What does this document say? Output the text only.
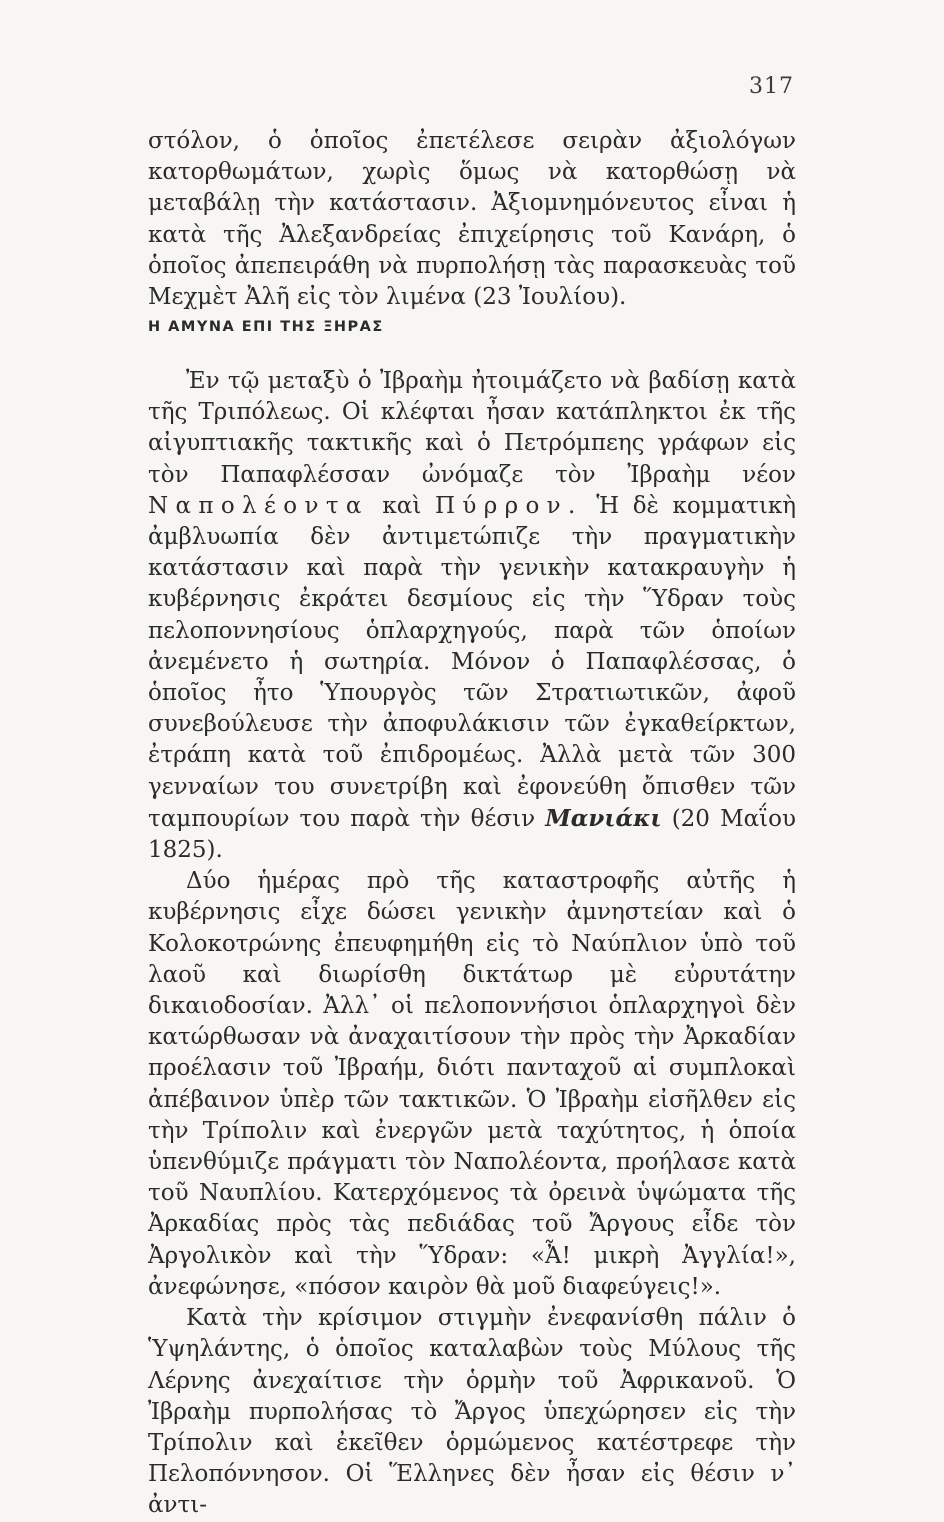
317

στόλον, ὁ ὁποῖος ἐπετέλεσε σειρὰν ἀξιολόγων κατορθωμάτων, χωρὶς ὅμως νὰ κατορθώσῃ νὰ μεταβάλῃ τὴν κατάστασιν. Ἀξιομνημόνευτος εἶναι ἡ κατὰ τῆς Ἀλεξανδρείας ἐπιχείρησις τοῦ Κανάρη, ὁ ὁποῖος ἀπεπειράθη νὰ πυρπολήσῃ τὰς παρασκευὰς τοῦ Μεχμὲτ Ἀλῆ εἰς τὸν λιμένα (23 Ἰουλίου).

Η ΑΜΥΝΑ ΕΠΙ ΤΗΣ ΞΗΡΑΣ

Ἐν τῷ μεταξὺ ὁ Ἰβραὴμ ἠτοιμάζετο νὰ βαδίσῃ κατὰ τῆς Τριπόλεως. Οἱ κλέφται ἦσαν κατάπληκτοι ἐκ τῆς αἰγυπτιακῆς τακτικῆς καὶ ὁ Πετρόμπεης γράφων εἰς τὸν Παπαφλέσσαν ὠνόμαζε τὸν Ἰβραὴμ νέον Ναπολέοντα καὶ Πύρρον. Ἡ δὲ κομματικὴ ἀμβλυωπία δὲν ἀντιμετώπιζε τὴν πραγματικὴν κατάστασιν καὶ παρὰ τὴν γενικὴν κατακραυγὴν ἡ κυβέρνησις ἐκράτει δεσμίους εἰς τὴν Ὕδραν τοὺς πελοποννησίους ὁπλαρχηγούς, παρὰ τῶν ὁποίων ἀνεμένετο ἡ σωτηρία. Μόνον ὁ Παπαφλέσσας, ὁ ὁποῖος ἦτο Ὑπουργὸς τῶν Στρατιωτικῶν, ἀφοῦ συνεβούλευσε τὴν ἀποφυλάκισιν τῶν ἐγκαθείρκτων, ἐτράπη κατὰ τοῦ ἐπιδρομέως. Ἀλλὰ μετὰ τῶν 300 γενναίων του συνετρίβη καὶ ἐφονεύθη ὄπισθεν τῶν ταμπουρίων του παρὰ τὴν θέσιν Μανιάκι (20 Μαΐου 1825).

Δύο ἡμέρας πρὸ τῆς καταστροφῆς αὐτῆς ἡ κυβέρνησις εἶχε δώσει γενικὴν ἀμνηστείαν καὶ ὁ Κολοκοτρώνης ἐπευφημήθη εἰς τὸ Ναύπλιον ὑπὸ τοῦ λαοῦ καὶ διωρίσθη δικτάτωρ μὲ εὐρυτάτην δικαιοδοσίαν. Ἀλλ᾽ οἱ πελοποννήσιοι ὁπλαρχηγοὶ δὲν κατώρθωσαν νὰ ἀναχαιτίσουν τὴν πρὸς τὴν Ἀρκαδίαν προέλασιν τοῦ Ἰβραήμ, διότι πανταχοῦ αἱ συμπλοκαὶ ἀπέβαινον ὑπὲρ τῶν τακτικῶν. Ὁ Ἰβραὴμ εἰσῆλθεν εἰς τὴν Τρίπολιν καὶ ἐνεργῶν μετὰ ταχύτητος, ἡ ὁποία ὑπενθύμιζε πράγματι τὸν Ναπολέοντα, προήλασε κατὰ τοῦ Ναυπλίου. Κατερχόμενος τὰ ὀρεινὰ ὑψώματα τῆς Ἀρκαδίας πρὸς τὰς πεδιάδας τοῦ Ἄργους εἶδε τὸν Ἀργολικὸν καὶ τὴν Ὕδραν: «Ἆ! μικρὴ Ἀγγλία!», ἀνεφώνησε, «πόσον καιρὸν θὰ μοῦ διαφεύγεις!».

Κατὰ τὴν κρίσιμον στιγμὴν ἐνεφανίσθη πάλιν ὁ Ὑψηλάντης, ὁ ὁποῖος καταλαβὼν τοὺς Μύλους τῆς Λέρνης ἀνεχαίτισε τὴν ὁρμὴν τοῦ Ἀφρικανοῦ. Ὁ Ἰβραὴμ πυρπολήσας τὸ Ἄργος ὑπεχώρησεν εἰς τὴν Τρίπολιν καὶ ἐκεῖθεν ὁρμώμενος κατέστρεφε τὴν Πελοπόννησον. Οἱ Ἕλληνες δὲν ἦσαν εἰς θέσιν ν᾽ ἀντι-
